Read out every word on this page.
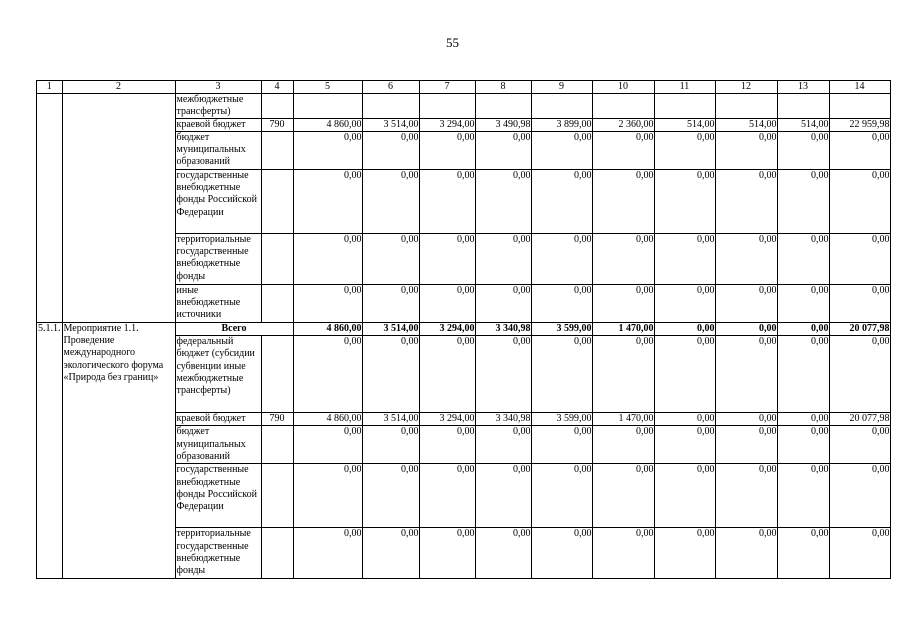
55
1	2	3	4	5	6	7	8	9	10	11	12	13	14
		межбюджетные трансферты)											
		краевой бюджет	790	4 860,00	3 514,00	3 294,00	3 490,98	3 899,00	2 360,00	514,00	514,00	514,00	22 959,98
		бюджет муниципальных образований		0,00	0,00	0,00	0,00	0,00	0,00	0,00	0,00	0,00	0,00
		государственные внебюджетные фонды Российской Федерации		0,00	0,00	0,00	0,00	0,00	0,00	0,00	0,00	0,00	0,00
		территориальные государственные внебюджетные фонды		0,00	0,00	0,00	0,00	0,00	0,00	0,00	0,00	0,00	0,00
		иные внебюджетные источники		0,00	0,00	0,00	0,00	0,00	0,00	0,00	0,00	0,00	0,00
5.1.1.	Мероприятие 1.1. Проведение международного экологического форума «Природа без границ»	Всего		4 860,00	3 514,00	3 294,00	3 340,98	3 599,00	1 470,00	0,00	0,00	0,00	20 077,98
		федеральный бюджет (субсидии субвенции иные межбюджетные трансферты)		0,00	0,00	0,00	0,00	0,00	0,00	0,00	0,00	0,00	0,00
		краевой бюджет	790	4 860,00	3 514,00	3 294,00	3 340,98	3 599,00	1 470,00	0,00	0,00	0,00	20 077,98
		бюджет муниципальных образований		0,00	0,00	0,00	0,00	0,00	0,00	0,00	0,00	0,00	0,00
		государственные внебюджетные фонды Российской Федерации		0,00	0,00	0,00	0,00	0,00	0,00	0,00	0,00	0,00	0,00
		территориальные государственные внебюджетные фонды		0,00	0,00	0,00	0,00	0,00	0,00	0,00	0,00	0,00	0,00
